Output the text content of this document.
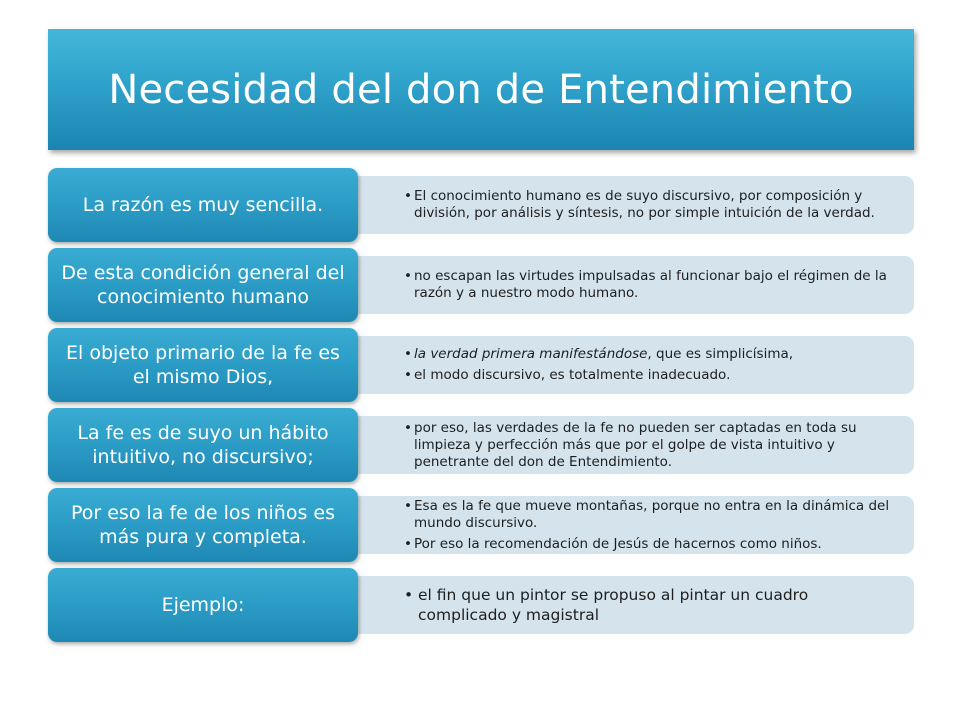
Necesidad del don de Entendimiento
• El conocimiento humano es de suyo discursivo, por composición y división, por análisis y síntesis, no por simple intuición de la verdad.
La razón es muy sencilla.
• no escapan las virtudes impulsadas al funcionar bajo el régimen de la razón y a nuestro modo humano.
De esta condición general del conocimiento humano
• la verdad primera manifestándose, que es simplicísima,
• el modo discursivo, es totalmente inadecuado.
El objeto primario de la fe es el mismo Dios,
• por eso, las verdades de la fe no pueden ser captadas en toda su limpieza y perfección más que por el golpe de vista intuitivo y penetrante del don de Entendimiento.
La fe es de suyo un hábito intuitivo, no discursivo;
• Esa es la fe que mueve montañas, porque no entra en la dinámica del mundo discursivo.
• Por eso la recomendación de Jesús de hacernos como niños.
Por eso la fe de los niños es más pura y completa.
• el fin que un pintor se propuso al pintar un cuadro complicado y magistral
Ejemplo:
